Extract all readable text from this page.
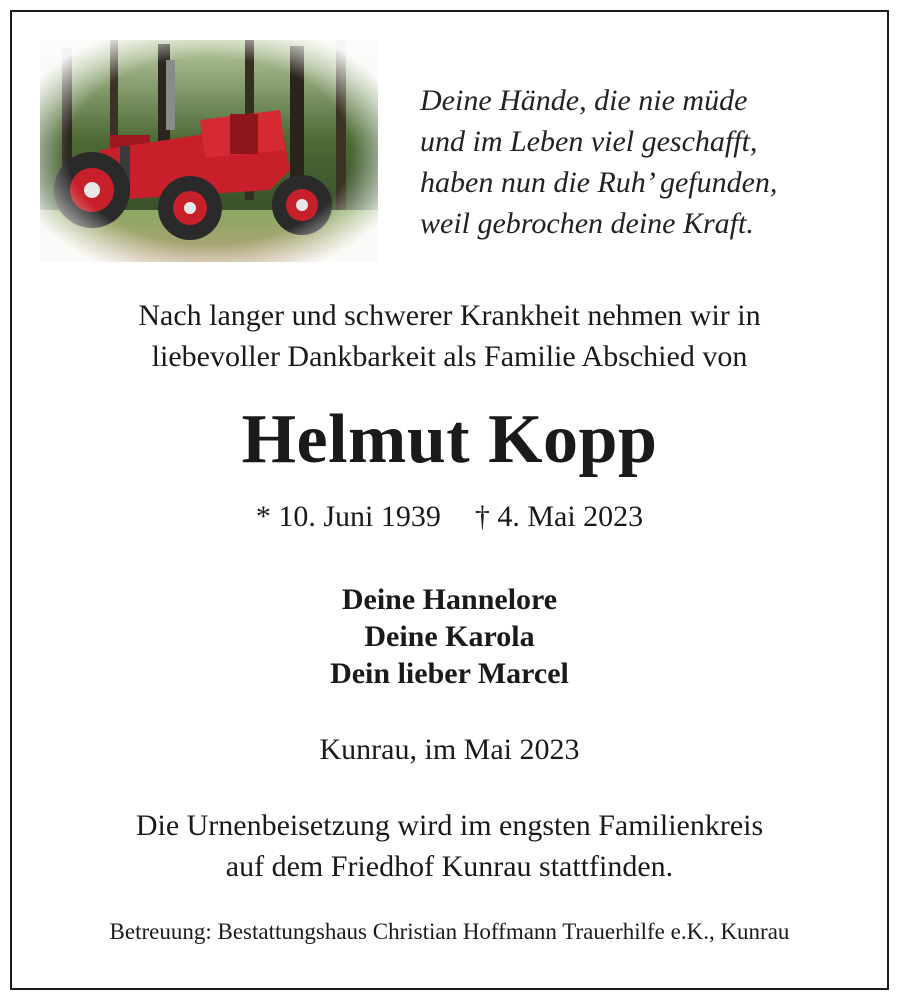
Deine Hände, die nie müde
und im Leben viel geschafft,
haben nun die Ruh’ gefunden,
weil gebrochen deine Kraft.
Nach langer und schwerer Krankheit nehmen wir in
liebevoller Dankbarkeit als Familie Abschied von
Helmut Kopp
* 10. Juni 1939 † 4. Mai 2023
Deine Hannelore
Deine Karola
Dein lieber Marcel
Kunrau, im Mai 2023
Die Urnenbeisetzung wird im engsten Familienkreis
auf dem Friedhof Kunrau stattfinden.
Betreuung: Bestattungshaus Christian Hoffmann Trauerhilfe e.K., Kunrau
